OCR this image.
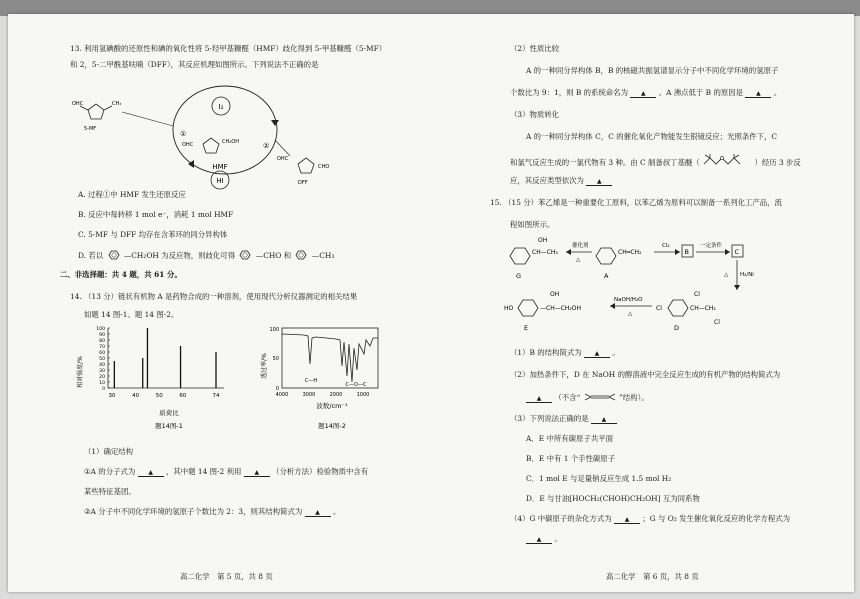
13. 利用氢碘酸的还原性和碘的氧化性将 5-羟甲基糠醛（HMF）歧化得到 5-甲基糠醛（5-MF）
和 2，5-二甲酰基呋喃（DFF），其反应机理如图所示。下列说法不正确的是
I₂
HMF
HI
①
②
OHC	CH₃
5-MF
OHC	CH₂OH
OHC
CHO
DFF
A. 过程①中 HMF 发生还原反应
B. 反应中每转移 1 mol e⁻，消耗 1 mol HMF
C. 5-MF 与 DFF 均存在含苯环的同分异构体
D. 若以	—CH₂OH 为反应物，则歧化可得	—CHO 和	—CH₃
二、非选择题：共 4 题，共 61 分。
14. （13 分）链状有机物 A 是药物合成的一种溶剂，使用现代分析仪器测定的相关结果
如题 14 图-1、题 14 图-2。
相对强度/%
100
90
80
70
60
50
40
30
20
10
0
30	40	50	60	74
质荷比
题14图-1
透过率/%
100
50
0
4000	3000	2000	1000
C—H
C—O—C
波数/cm⁻¹
题14图-2
（1）确定结构
①A 的分子式为 ▲ ，其中题 14 图-2 利用 ▲ （分析方法）检验物质中含有
某些特征基团。
②A 分子中不同化学环境的氢原子个数比为 2：3，则其结构简式为 ▲ 。
高二化学　第 5 页，共 8 页
（2）性质比较
A 的一种同分异构体 B，B 的核磁共振氢谱显示分子中不同化学环境的氢原子
个数比为 9：1，则 B 的系统命名为 ▲ 。A 沸点低于 B 的原因是 ▲ 。
（3）物质转化
A 的一种同分异构体 C，C 的催化氧化产物能发生银镜反应；光照条件下，C
和氯气反应生成的一氯代物有 3 种。由 C 制备叔丁基醚（	）经历 3 步反
应，其反应类型依次为 ▲
15. （15 分）苯乙烯是一种重要化工原料，以苯乙烯为原料可以制备一系列化工产品，流
程如图所示。
CH—CH₃
OH
G
催化剂
△
CH═CH₂
A
Cl₂
B
一定条件
C
△ H₂/Ni
HO	—CH—CH₂OH
OH
E
NaOH/H₂O
△
Cl	CH—CH₂
Cl
Cl
D
（1）B 的结构简式为 ▲ 。
（2）加热条件下，D 在 NaOH 的醇溶液中完全反应生成的有机产物的结构简式为
▲ （不含“	”结构）。
（3）下列说法正确的是 ▲
A．E 中所有碳原子共平面
B．E 中有 1 个手性碳原子
C．1 mol E 与足量钠反应生成 1.5 mol H₂
D．E 与甘油[HOCH₂(CHOH)CH₂OH] 互为同系物
（4）G 中碳原子的杂化方式为 ▲ ；G 与 O₂ 发生催化氧化反应的化学方程式为
▲ 。
高二化学　第 6 页，共 8 页
